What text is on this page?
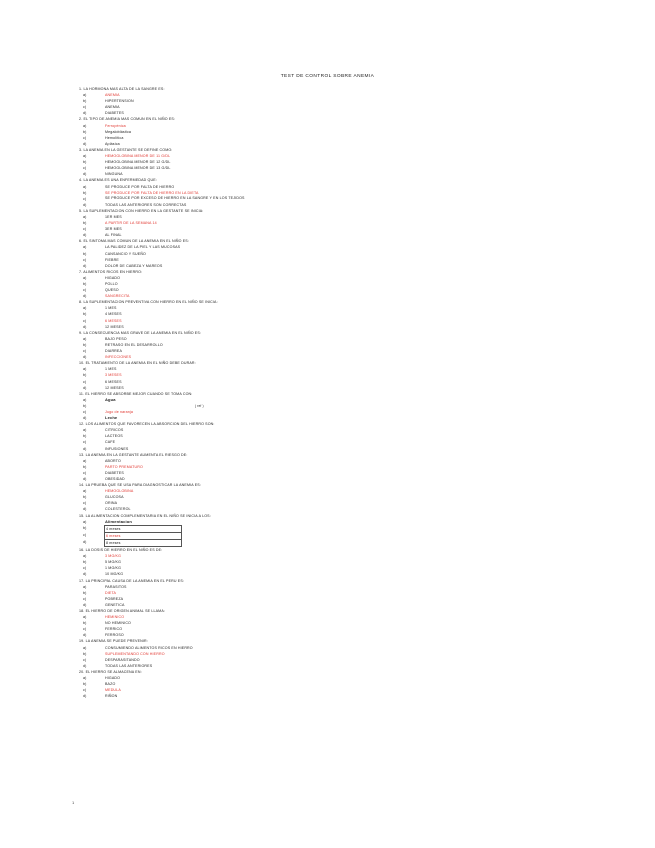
TEST DE CONTROL SOBRE ANEMIA
1. LA HORMONA MAS ALTA DE LA SANGRE ES:
a)	ANEMIA
b)	HIPERTENSION
c)	ANEMIA
d)	DIABETES
2. EL TIPO DE ANEMIA MAS COMUN EN EL NIÑO ES:
a)	Ferropénica
b)	Megaloblástica
c)	Hemolítica
d)	Aplásica
3. LA ANEMIA EN LA GESTANTE SE DEFINE COMO:
a)	HEMOGLOBINA MENOR DE 11 G/DL
b)	HEMOGLOBINA MENOR DE 12 G/DL
c)	HEMOGLOBINA MENOR DE 13 G/DL
d)	NINGUNA
4. LA ANEMIA ES UNA ENFERMEDAD QUE:
a)	SE PRODUCE POR FALTA DE HIERRO
b)	SE PRODUCE POR FALTA DE HIERRO EN LA DIETA
c)	SE PRODUCE POR EXCESO DE HIERRO EN LA SANGRE Y EN LOS TEJIDOS
d)	TODAS LAS ANTERIORES SON CORRECTAS
5. LA SUPLEMENTACION CON HIERRO EN LA GESTANTE SE INICIA:
a)	1ER MES
b)	A PARTIR DE LA SEMANA 14
c)	3ER MES
d)	AL FINAL
6. EL SINTOMA MAS COMUN DE LA ANEMIA EN EL NIÑO ES:
a)	LA PALIDEZ DE LA PIEL Y LAS MUCOSAS
b)	CANSANCIO Y SUEÑO
c)	FIEBRE
d)	DOLOR DE CABEZA Y MAREOS
7. ALIMENTOS RICOS EN HIERRO:
a)	HIGADO
b)	POLLO
c)	QUESO
d)	SANGRECITA
8. LA SUPLEMENTACION PREVENTIVA CON HIERRO EN EL NIÑO SE INICIA:
a)	1 MES
b)	4 MESES
c)	6 MESES
d)	12 MESES
9. LA CONSECUENCIA MAS GRAVE DE LA ANEMIA EN EL NIÑO ES:
a)	BAJO PESO
b)	RETRASO EN EL DESARROLLO
c)	DIARREA
d)	INFECCIONES
10. EL TRATAMIENTO DE LA ANEMIA EN EL NIÑO DEBE DURAR:
a)	1 MES
b)	3 MESES
c)	6 MESES
d)	12 MESES
11. EL HIERRO SE ABSORBE MEJOR CUANDO SE TOMA CON:
a)	Agua
b)	( ref )
c)	Jugo de naranja
d)	Leche
12. LOS ALIMENTOS QUE FAVORECEN LA ABSORCION DEL HIERRO SON:
a)	CITRICOS
b)	LACTEOS
c)	CAFE
d)	INFUSIONES
13. LA ANEMIA EN LA GESTANTE AUMENTA EL RIESGO DE:
a)	ABORTO
b)	PARTO PREMATURO
c)	DIABETES
d)	OBESIDAD
14. LA PRUEBA QUE SE USA PARA DIAGNOSTICAR LA ANEMIA ES:
a)	HEMOGLOBINA
b)	GLUCOSA
c)	ORINA
d)	COLESTEROL
15. LA ALIMENTACION COMPLEMENTARIA EN EL NIÑO SE INICIA A LOS:
a)	Alimentacion
b)	4 meses
c)	6 meses
d)	8 meses
16. LA DOSIS DE HIERRO EN EL NIÑO ES DE:
a)	3 MG/KG
b)	5 MG/KG
c)	1 MG/KG
d)	10 MG/KG
17. LA PRINCIPAL CAUSA DE LA ANEMIA EN EL PERU ES:
a)	PARASITOS
b)	DIETA
c)	POBREZA
d)	GENETICA
18. EL HIERRO DE ORIGEN ANIMAL SE LLAMA:
a)	HEMINICO
b)	NO HEMINICO
c)	FERRICO
d)	FERROSO
19. LA ANEMIA SE PUEDE PREVENIR:
a)	CONSUMIENDO ALIMENTOS RICOS EN HIERRO
b)	SUPLEMENTANDO CON HIERRO
c)	DESPARASITANDO
d)	TODAS LAS ANTERIORES
20. EL HIERRO SE ALMACENA EN:
a)	HIGADO
b)	BAZO
c)	MEDULA
d)	RIÑON
1
